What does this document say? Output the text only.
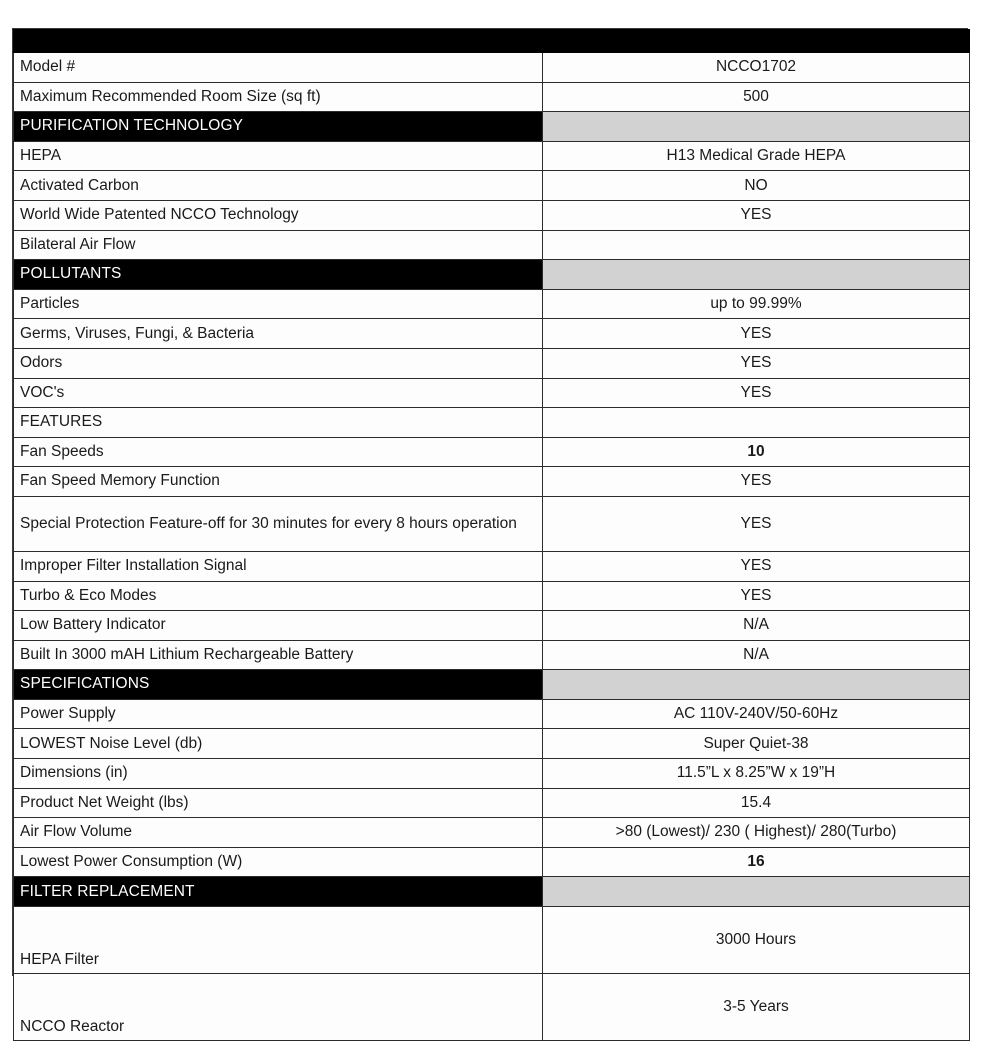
Model #	NCCO1702
Maximum Recommended Room Size (sq ft)	500
PURIFICATION TECHNOLOGY	
HEPA	H13 Medical Grade HEPA
Activated Carbon	NO
World Wide Patented NCCO Technology	YES
Bilateral Air Flow	
POLLUTANTS	
Particles	up to 99.99%
Germs, Viruses, Fungi, & Bacteria	YES
Odors	YES
VOC's	YES
FEATURES	
Fan Speeds	10
Fan Speed Memory Function	YES
Special Protection Feature-off for 30 minutes for every 8 hours operation	YES
Improper Filter Installation Signal	YES
Turbo & Eco Modes	YES
Low Battery Indicator	N/A
Built In 3000 mAH Lithium Rechargeable Battery	N/A
SPECIFICATIONS	
Power Supply	AC 110V-240V/50-60Hz
LOWEST Noise Level (db)	Super Quiet-38
Dimensions (in)	11.5”L x 8.25”W x 19”H
Product Net Weight (lbs)	15.4
Air Flow Volume	>80 (Lowest)/ 230 ( Highest)/ 280(Turbo)
Lowest Power Consumption (W)	16
FILTER REPLACEMENT	
HEPA Filter	3000 Hours
NCCO Reactor	3-5 Years
